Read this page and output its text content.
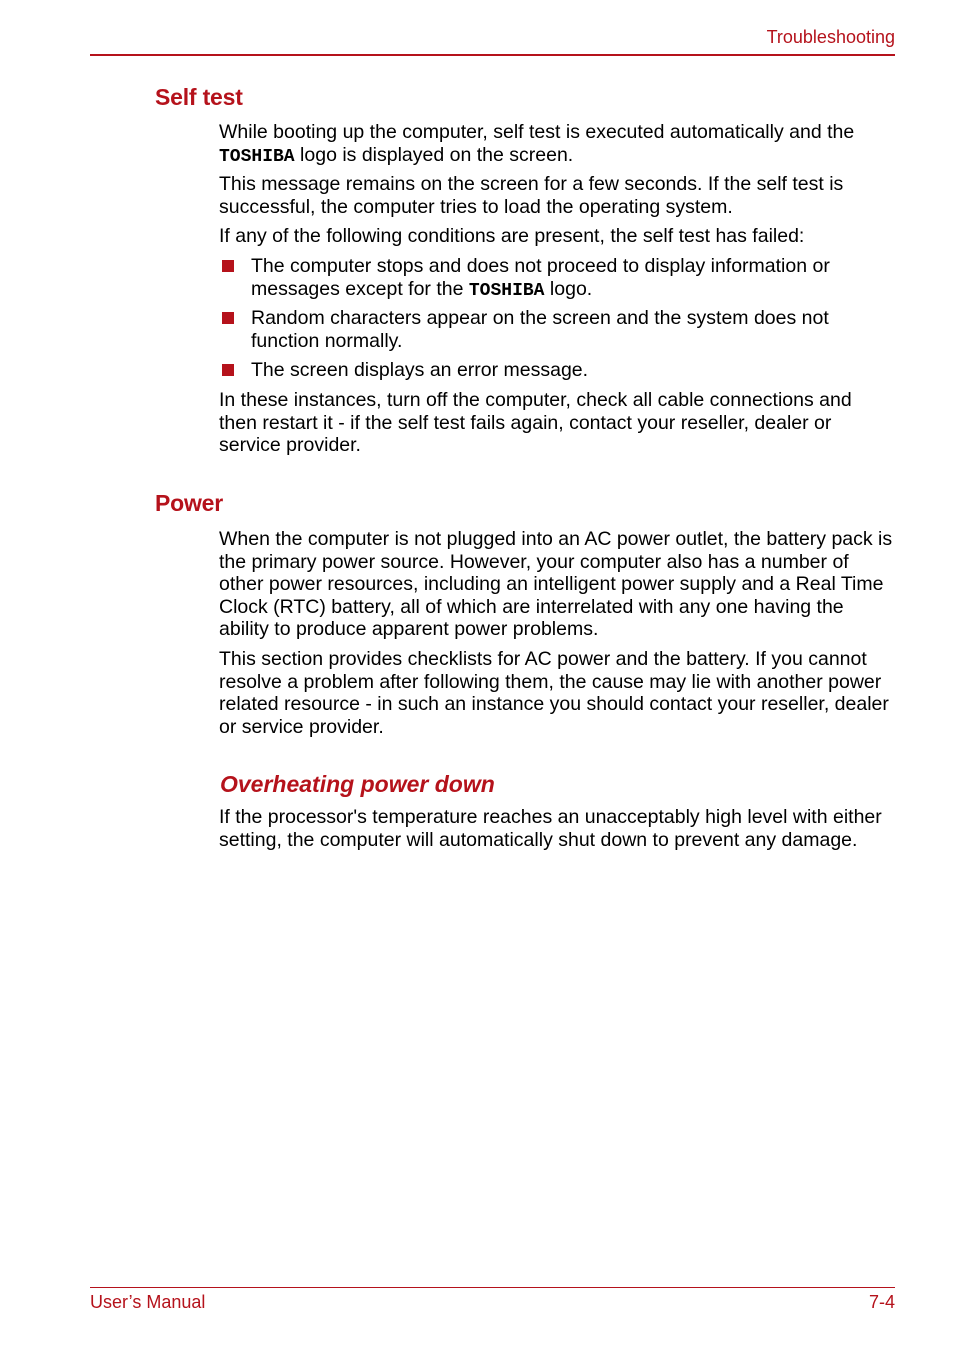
Troubleshooting
Self test

While booting up the computer, self test is executed automatically and the
TOSHIBA logo is displayed on the screen.

This message remains on the screen for a few seconds. If the self test is successful, the computer tries to load the operating system.

If any of the following conditions are present, the self test has failed:

The computer stops and does not proceed to display information or messages except for the TOSHIBA logo.
Random characters appear on the screen and the system does not function normally.
The screen displays an error message.

In these instances, turn off the computer, check all cable connections and then restart it - if the self test fails again, contact your reseller, dealer or service provider.

Power

When the computer is not plugged into an AC power outlet, the battery pack is the primary power source. However, your computer also has a number of other power resources, including an intelligent power supply and a Real Time Clock (RTC) battery, all of which are interrelated with any one having the ability to produce apparent power problems.

This section provides checklists for AC power and the battery. If you cannot resolve a problem after following them, the cause may lie with another power related resource - in such an instance you should contact your reseller, dealer or service provider.

Overheating power down

If the processor's temperature reaches an unacceptably high level with either setting, the computer will automatically shut down to prevent any damage.

User’s Manual	7-4
